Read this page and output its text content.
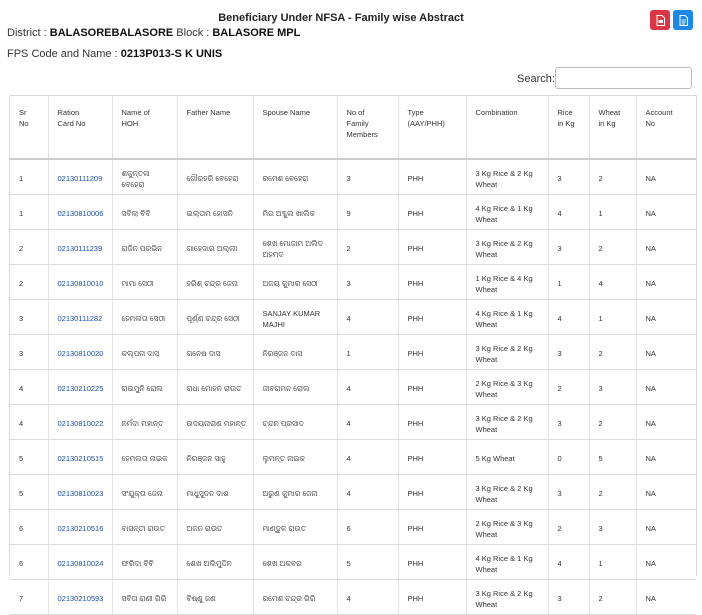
Beneficiary Under NFSA - Family wise Abstract
District : BALASOREBALASORE Block : BALASORE MPL
FPS Code and Name : 0213P013-S K UNIS
Search:
Sr
No	Ration
Card No	Name of
HOH	Father Name	Spouse Name	No of
Family
Members	Type
(AAY/PHH)	Combination	Rice
in Kg	Wheat
in Kg	Account
No
1	02130111209	ଶକୁନ୍ତଳା ବେହେରା	ଗୌରହରି ବେହେରା	ରମେଶ ବେହେରା	3	PHH	3 Kg Rice & 2 Kg Wheat	3	2	NA
1	02130810006	ସବିଲା ବିବି	ଇଲ୍ତାମ ହୋସନି	ମିର ଅବ୍ଦୁଲ ଖାଲିକ	9	PHH	4 Kg Rice & 1 Kg Wheat	4	1	NA
2	02130111239	ରାଜିନ ପରଭିନ	ଗାହେଦାର ଅଲ୍ଲୀ	ଶେଖ ମୋଜାମ ଅଲିଦ ଅହମଦ	2	PHH	3 Kg Rice & 2 Kg Wheat	3	2	NA
2	02130810010	ମାମା ସେଠୀ	ହରିଶ୍ ଚନ୍ଦ୍ର ଜେନା	ଅଜୟ କୁମାର ସେଠୀ	3	PHH	1 Kg Rice & 4 Kg Wheat	1	4	NA
3	02130111282	ହେମଲତା ସେଠୀ	ପୂର୍ଣ୍ଣ ଚନ୍ଦ୍ର ସେଠୀ	SANJAY KUMAR MAJHI	4	PHH	4 Kg Rice & 1 Kg Wheat	4	1	NA
3	02130810020	କଲ୍ପନା ଦାସ	ଗନେଷ ଦାସ	ନିରଞ୍ଜନ ଦାସ	1	PHH	3 Kg Rice & 2 Kg Wheat	3	2	NA
4	02130210225	ରାଇମୁନି ରୋଲ	ରାଧା ମୋହନ ରାଉତ	ଜୀବରାମନ ରୋଲ	4	PHH	2 Kg Rice & 3 Kg Wheat	2	3	NA
4	02130810022	ନର୍ମଦା ମହାନ୍ତ	ଉଦୟନାରାଣ ମହାନ୍ତ	ଚନ୍ଦନ ପ୍ରସାଦ	4	PHH	3 Kg Rice & 2 Kg Wheat	3	2	NA
5	02130210515	ହେମଲତା ନାଇକ	ନିରଞ୍ଜନ ସାହୁ	ଲୁମନ୍ତ ନାଇକ	4	PHH	5 Kg Wheat	0	5	NA
5	02130810023	ସଂଯୁକ୍ତା ଜେନା	ମାଧୁସୁଦନ ଦାଶ	ଅରୁଣ କୁମାର ଜେନା	4	PHH	3 Kg Rice & 2 Kg Wheat	3	2	NA
6	02130210516	ବାସନ୍ତୀ ରାଉତ	ଅଜନ ରାଉତ	ମାଣ୍ଡୁଳ ରାଉତ	6	PHH	2 Kg Rice & 3 Kg Wheat	2	3	NA
6	02130810024	ଫରିଦା ବିବି	ଶେଖ ଅଲିମୁଦ୍ଦିନ	ଶେଖ ଅକବର	5	PHH	4 Kg Rice & 1 Kg Wheat	4	1	NA
7	02130210593	ସବିତା ରାଣୀ ଗିରି	ବିଷ୍ଣୁ ଜଣ	ରମେଶ ଚନ୍ଦ୍ର ଗିରି	4	PHH	3 Kg Rice & 2 Kg Wheat	3	2	NA
